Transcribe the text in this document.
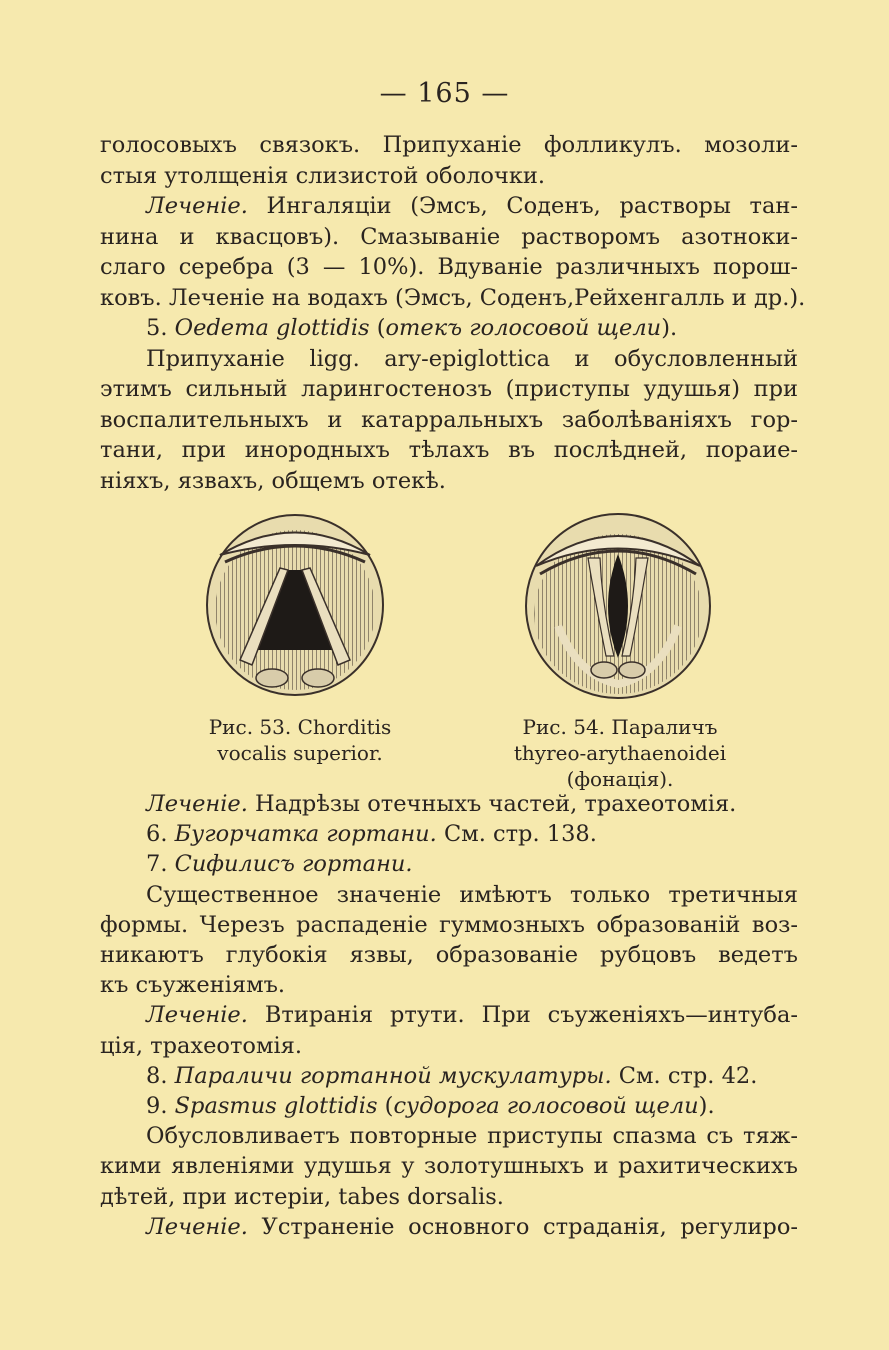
— 165 —
голосовыхъ связокъ. Припуханіе фолликулъ. мозоли-
стыя утолщенія слизистой оболочки.
Леченіе. Ингаляціи (Эмсъ, Соденъ, растворы тан-
нина и квасцовъ). Смазываніе растворомъ азотноки-
слаго серебра (3 — 10%). Вдуваніе различныхъ порош-
ковъ. Леченіе на водахъ (Эмсъ, Соденъ,Рейхенгалль и др.).
5. Oedema glottidis (отекъ голосовой щели).
Припуханіе ligg. ary-epiglottica и обусловленный
этимъ сильный ларингостенозъ (приступы удушья) при
воспалительныхъ и катарральныхъ заболѣваніяхъ гор-
тани, при инородныхъ тѣлахъ въ послѣдней, пораие-
ніяхъ, язвахъ, общемъ отекѣ.
Рис. 53. Chorditis
vocalis superior.
Рис. 54. Параличъ
thyreo-arythaenoidei
(фонація).
Леченіе. Надрѣзы отечныхъ частей, трахеотомія.
6. Бугорчатка гортани. См. стр. 138.
7. Сифилисъ гортани.
Существенное значеніе имѣютъ только третичныя
формы. Черезъ распаденіе гуммозныхъ образованій воз-
никаютъ глубокія язвы, образованіе рубцовъ ведетъ
къ съуженіямъ.
Леченіе. Втиранія ртути. При съуженіяхъ—интуба-
ція, трахеотомія.
8. Параличи гортанной мускулатуры. См. стр. 42.
9. Spasmus glottidis (судорога голосовой щели).
Обусловливаетъ повторные приступы спазма съ тяж-
кими явленіями удушья у золотушныхъ и рахитическихъ
дѣтей, при истеріи, tabes dorsalis.
Леченіе. Устраненіе основного страданія, регулиро-
